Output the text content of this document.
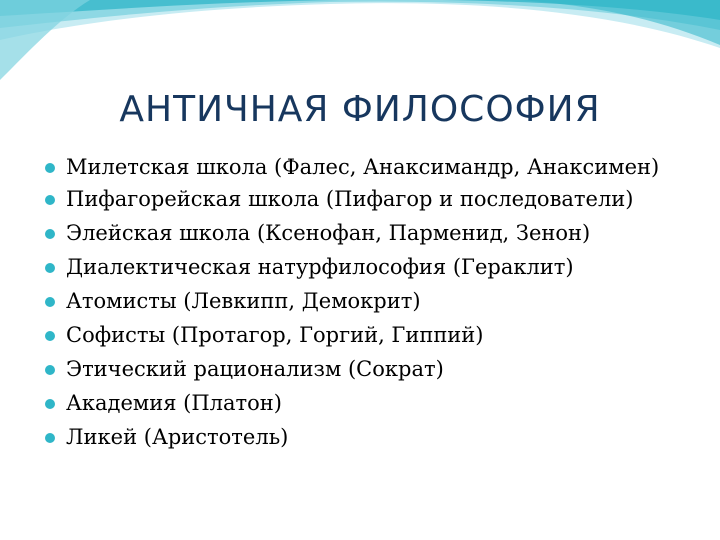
АНТИЧНАЯ ФИЛОСОФИЯ
Милетская школа (Фалес, Анаксимандр, Анаксимен)
Пифагорейская школа (Пифагор и последователи)
Элейская школа (Ксенофан, Парменид, Зенон)
Диалектическая натурфилософия (Гераклит)
Атомисты (Левкипп, Демокрит)
Софисты (Протагор, Горгий, Гиппий)
Этический рационализм (Сократ)
Академия (Платон)
Ликей (Аристотель)
